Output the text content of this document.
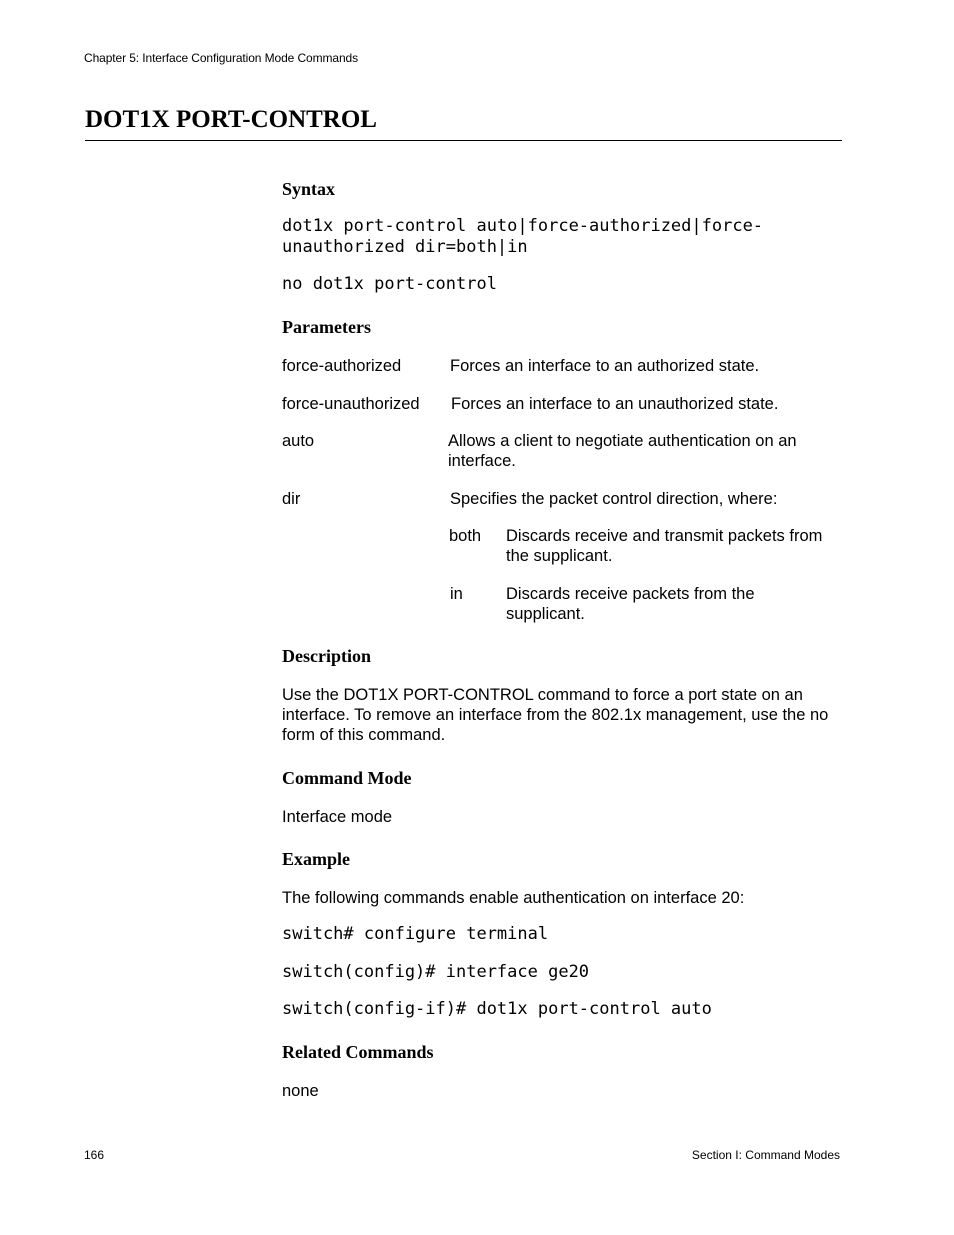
Chapter 5: Interface Configuration Mode Commands
DOT1X PORT-CONTROL
Syntax
dot1x port-control auto|force-authorized|force-
unauthorized dir=both|in
no dot1x port-control
Parameters
force-authorized	Forces an interface to an authorized state.
force-unauthorized Forces an interface to an unauthorized state.
auto	Allows a client to negotiate authentication on an interface.
dir	Specifies the packet control direction, where:
both Discards receive and transmit packets from the supplicant.
in	Discards receive packets from the supplicant.
Description
Use the DOT1X PORT-CONTROL command to force a port state on an interface. To remove an interface from the 802.1x management, use the no form of this command.
Command Mode
Interface mode
Example
The following commands enable authentication on interface 20:
switch# configure terminal
switch(config)# interface ge20
switch(config-if)# dot1x port-control auto
Related Commands
none
166	Section I: Command Modes
